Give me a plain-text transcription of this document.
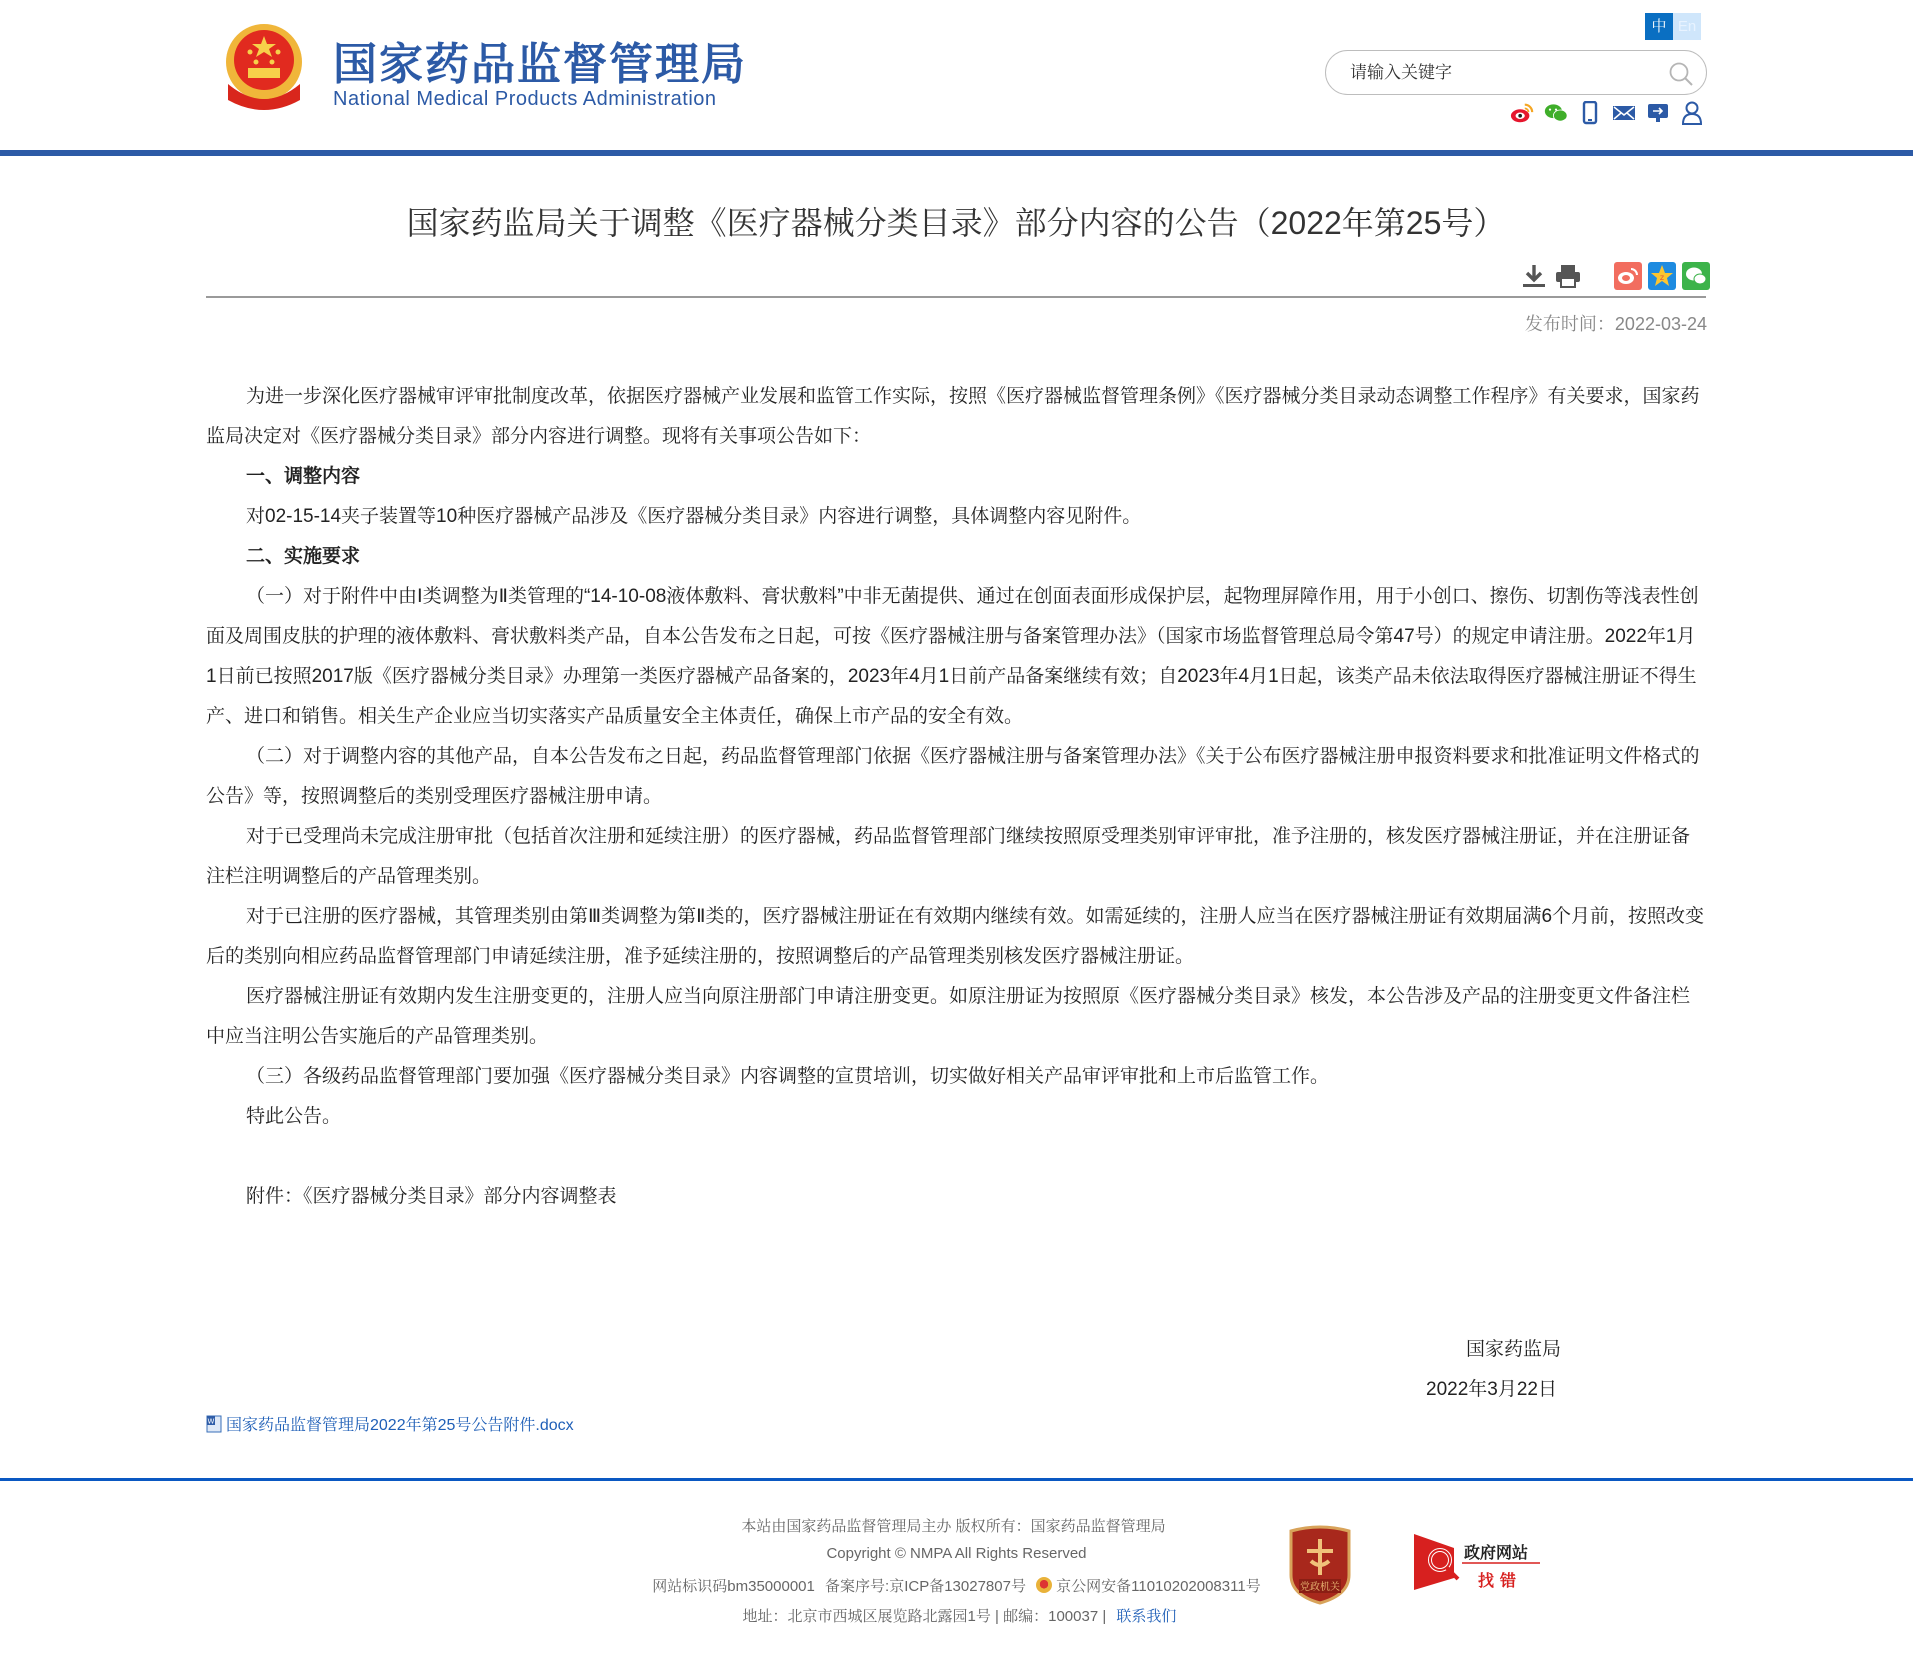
国家药品监督管理局
National Medical Products Administration
中 En
请输入关键字
国家药监局关于调整《医疗器械分类目录》部分内容的公告（2022年第25号）
z
发布时间：2022-03-24

为进一步深化医疗器械审评审批制度改革，依据医疗器械产业发展和监管工作实际，按照《医疗器械监督管理条例》《医疗器械分类目录动态调整工作程序》有关要求，国家药监局决定对《医疗器械分类目录》部分内容进行调整。现将有关事项公告如下：

一、调整内容

对02-15-14夹子装置等10种医疗器械产品涉及《医疗器械分类目录》内容进行调整，具体调整内容见附件。

二、实施要求

（一）对于附件中由Ⅰ类调整为Ⅱ类管理的“14-10-08液体敷料、膏状敷料”中非无菌提供、通过在创面表面形成保护层，起物理屏障作用，用于小创口、擦伤、切割伤等浅表性创面及周围皮肤的护理的液体敷料、膏状敷料类产品，自本公告发布之日起，可按《医疗器械注册与备案管理办法》（国家市场监督管理总局令第47号）的规定申请注册。2022年1月1日前已按照2017版《医疗器械分类目录》办理第一类医疗器械产品备案的，2023年4月1日前产品备案继续有效；自2023年4月1日起，该类产品未依法取得医疗器械注册证不得生产、进口和销售。相关生产企业应当切实落实产品质量安全主体责任，确保上市产品的安全有效。

（二）对于调整内容的其他产品，自本公告发布之日起，药品监督管理部门依据《医疗器械注册与备案管理办法》《关于公布医疗器械注册申报资料要求和批准证明文件格式的公告》等，按照调整后的类别受理医疗器械注册申请。

对于已受理尚未完成注册审批（包括首次注册和延续注册）的医疗器械，药品监督管理部门继续按照原受理类别审评审批，准予注册的，核发医疗器械注册证，并在注册证备注栏注明调整后的产品管理类别。

对于已注册的医疗器械，其管理类别由第Ⅲ类调整为第Ⅱ类的，医疗器械注册证在有效期内继续有效。如需延续的，注册人应当在医疗器械注册证有效期届满6个月前，按照改变后的类别向相应药品监督管理部门申请延续注册，准予延续注册的，按照调整后的产品管理类别核发医疗器械注册证。

医疗器械注册证有效期内发生注册变更的，注册人应当向原注册部门申请注册变更。如原注册证为按照原《医疗器械分类目录》核发，本公告涉及产品的注册变更文件备注栏中应当注明公告实施后的产品管理类别。

（三）各级药品监督管理部门要加强《医疗器械分类目录》内容调整的宣贯培训，切实做好相关产品审评审批和上市后监管工作。

特此公告。

附件：《医疗器械分类目录》部分内容调整表

国家药监局
2022年3月22日
W 国家药品监督管理局2022年第25号公告附件.docx
本站由国家药品监督管理局主办 版权所有：国家药品监督管理局
Copyright © NMPA All Rights Reserved
网站标识码bm35000001 备案序号:京ICP备13027807号 京公网安备11010202008311号
地址：北京市西城区展览路北露园1号 | 邮编：100037 | 联系我们
党政机关
政府网站
找错
